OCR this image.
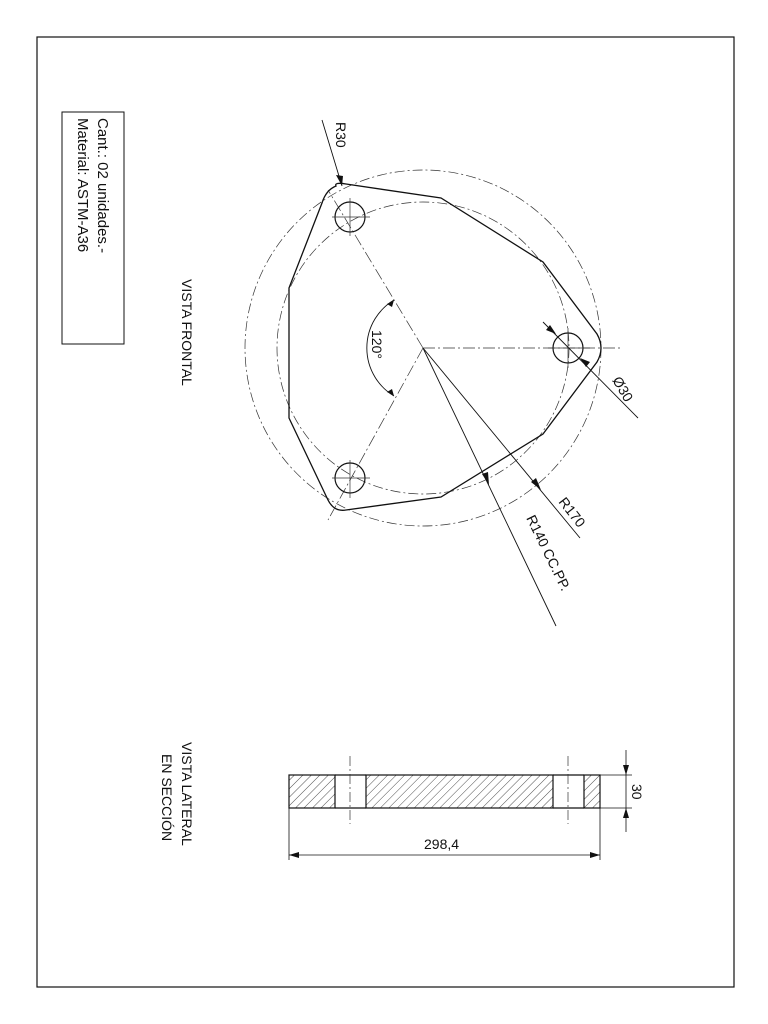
Cant.: 02 unidades.-
Material: ASTM-A36
VISTA FRONTAL
VISTA LATERAL
EN SECCIÓN
120°
R30
Ø30
R170
R140 CC.PP.
30
298,4
